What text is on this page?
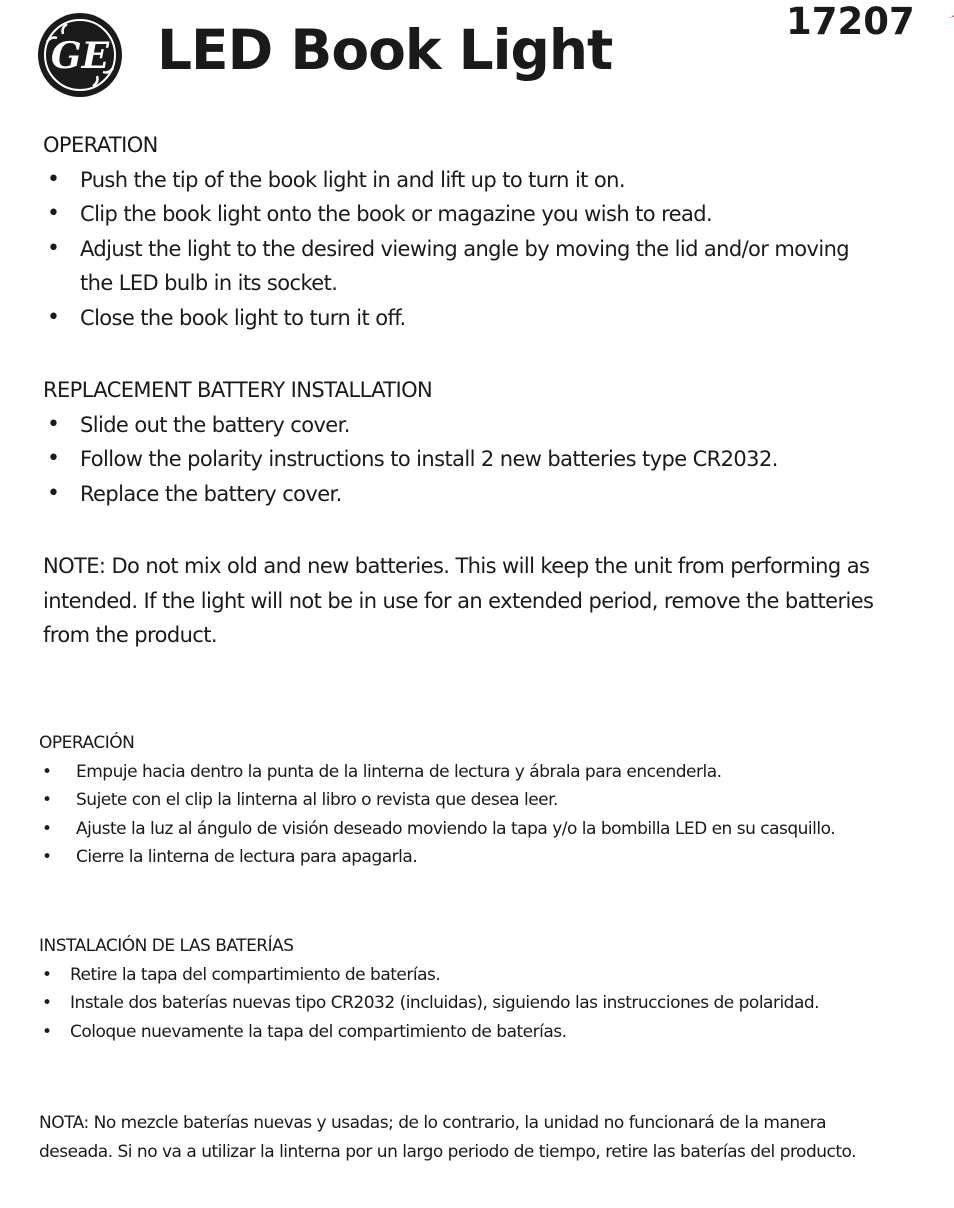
GE LED Book Light	17207
OPERATION
• Push the tip of the book light in and lift up to turn it on.
• Clip the book light onto the book or magazine you wish to read.
• Adjust the light to the desired viewing angle by moving the lid and/or moving the LED bulb in its socket.
• Close the book light to turn it off.
REPLACEMENT BATTERY INSTALLATION
• Slide out the battery cover.
• Follow the polarity instructions to install 2 new batteries type CR2032.
• Replace the battery cover.
NOTE: Do not mix old and new batteries. This will keep the unit from performing as intended. If the light will not be in use for an extended period, remove the batteries from the product.
OPERACIÓN
•	Empuje hacia dentro la punta de la linterna de lectura y ábrala para encenderla.
•	Sujete con el clip la linterna al libro o revista que desea leer.
•	Ajuste la luz al ángulo de visión deseado moviendo la tapa y/o la bombilla LED en su casquillo.
•	Cierre la linterna de lectura para apagarla.
INSTALACIÓN DE LAS BATERÍAS
•	Retire la tapa del compartimiento de baterías.
•	Instale dos baterías nuevas tipo CR2032 (incluidas), siguiendo las instrucciones de polaridad.
•	Coloque nuevamente la tapa del compartimiento de baterías.
NOTA: No mezcle baterías nuevas y usadas; de lo contrario, la unidad no funcionará de la manera deseada. Si no va a utilizar la linterna por un largo periodo de tiempo, retire las baterías del producto.
